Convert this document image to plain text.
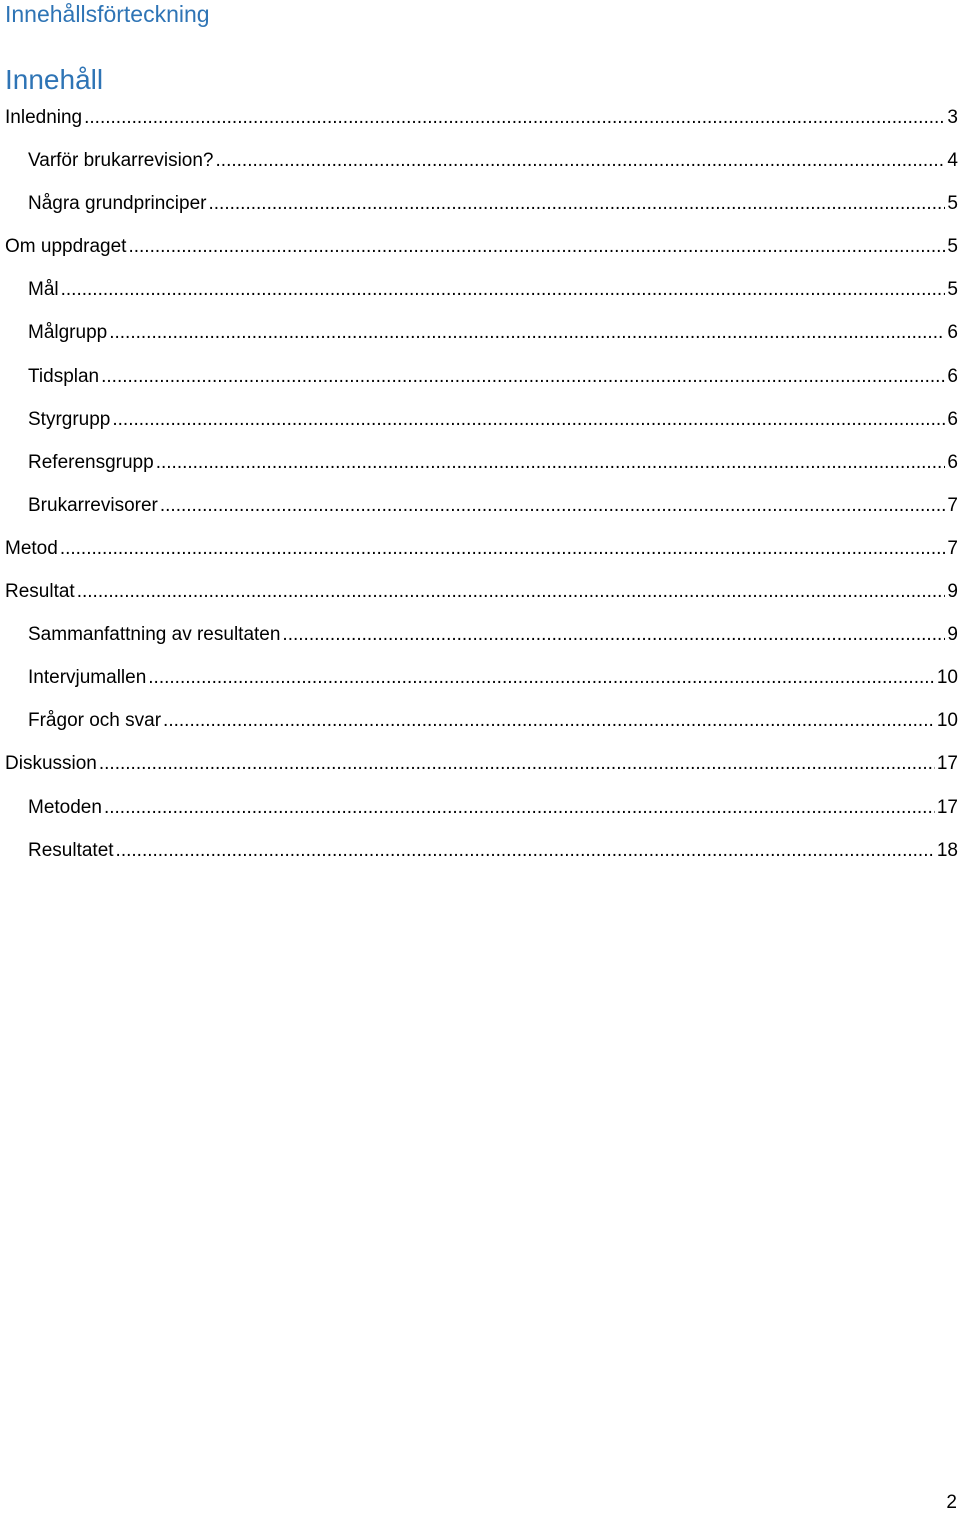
Innehållsförteckning
Innehåll
Inledning .....	3
Varför brukarrevision? .....	4
Några grundprinciper .....	5
Om uppdraget .....	5
Mål .....	5
Målgrupp .....	6
Tidsplan .....	6
Styrgrupp .....	6
Referensgrupp .....	6
Brukarrevisorer .....	7
Metod .....	7
Resultat .....	9
Sammanfattning av resultaten .....	9
Intervjumallen .....	10
Frågor och svar .....	10
Diskussion .....	17
Metoden .....	17
Resultatet .....	18
2
